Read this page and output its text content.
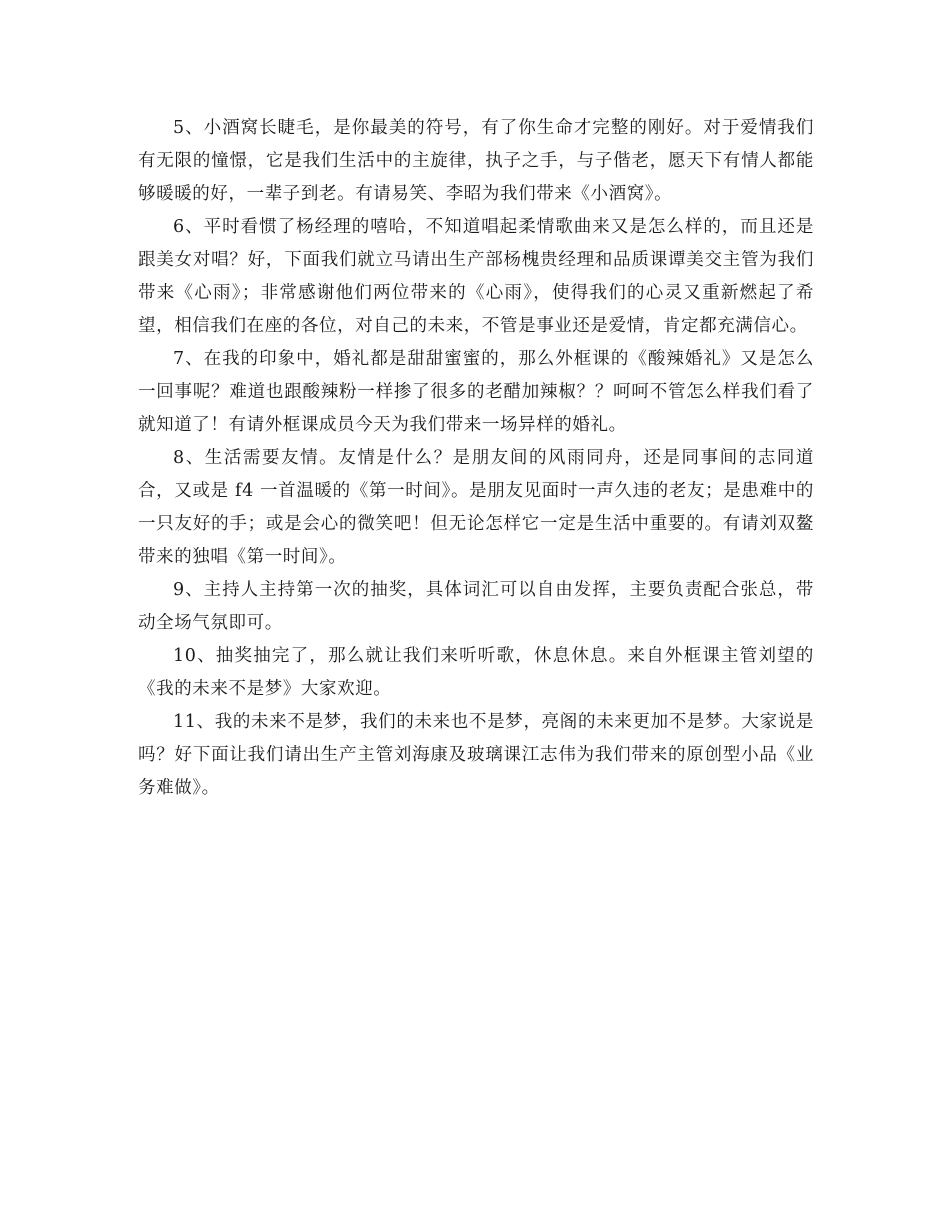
5、小酒窝长睫毛，是你最美的符号，有了你生命才完整的刚好。对于爱情我们有无限的憧憬，它是我们生活中的主旋律，执子之手，与子偕老，愿天下有情人都能够暖暖的好，一辈子到老。有请易笑、李昭为我们带来《小酒窝》。

6、平时看惯了杨经理的嘻哈，不知道唱起柔情歌曲来又是怎么样的，而且还是跟美女对唱？好，下面我们就立马请出生产部杨槐贵经理和品质课谭美交主管为我们带来《心雨》；非常感谢他们两位带来的《心雨》，使得我们的心灵又重新燃起了希望，相信我们在座的各位，对自己的未来，不管是事业还是爱情，肯定都充满信心。

7、在我的印象中，婚礼都是甜甜蜜蜜的，那么外框课的《酸辣婚礼》又是怎么一回事呢？难道也跟酸辣粉一样掺了很多的老醋加辣椒？？呵呵不管怎么样我们看了就知道了！有请外框课成员今天为我们带来一场异样的婚礼。

8、生活需要友情。友情是什么？是朋友间的风雨同舟，还是同事间的志同道合，又或是 f4 一首温暖的《第一时间》。是朋友见面时一声久违的老友；是患难中的一只友好的手；或是会心的微笑吧！但无论怎样它一定是生活中重要的。有请刘双鳌带来的独唱《第一时间》。

9、主持人主持第一次的抽奖，具体词汇可以自由发挥，主要负责配合张总，带动全场气氛即可。

10、抽奖抽完了，那么就让我们来听听歌，休息休息。来自外框课主管刘望的《我的未来不是梦》大家欢迎。

11、我的未来不是梦，我们的未来也不是梦，亮阁的未来更加不是梦。大家说是吗？好下面让我们请出生产主管刘海康及玻璃课江志伟为我们带来的原创型小品《业务难做》。
